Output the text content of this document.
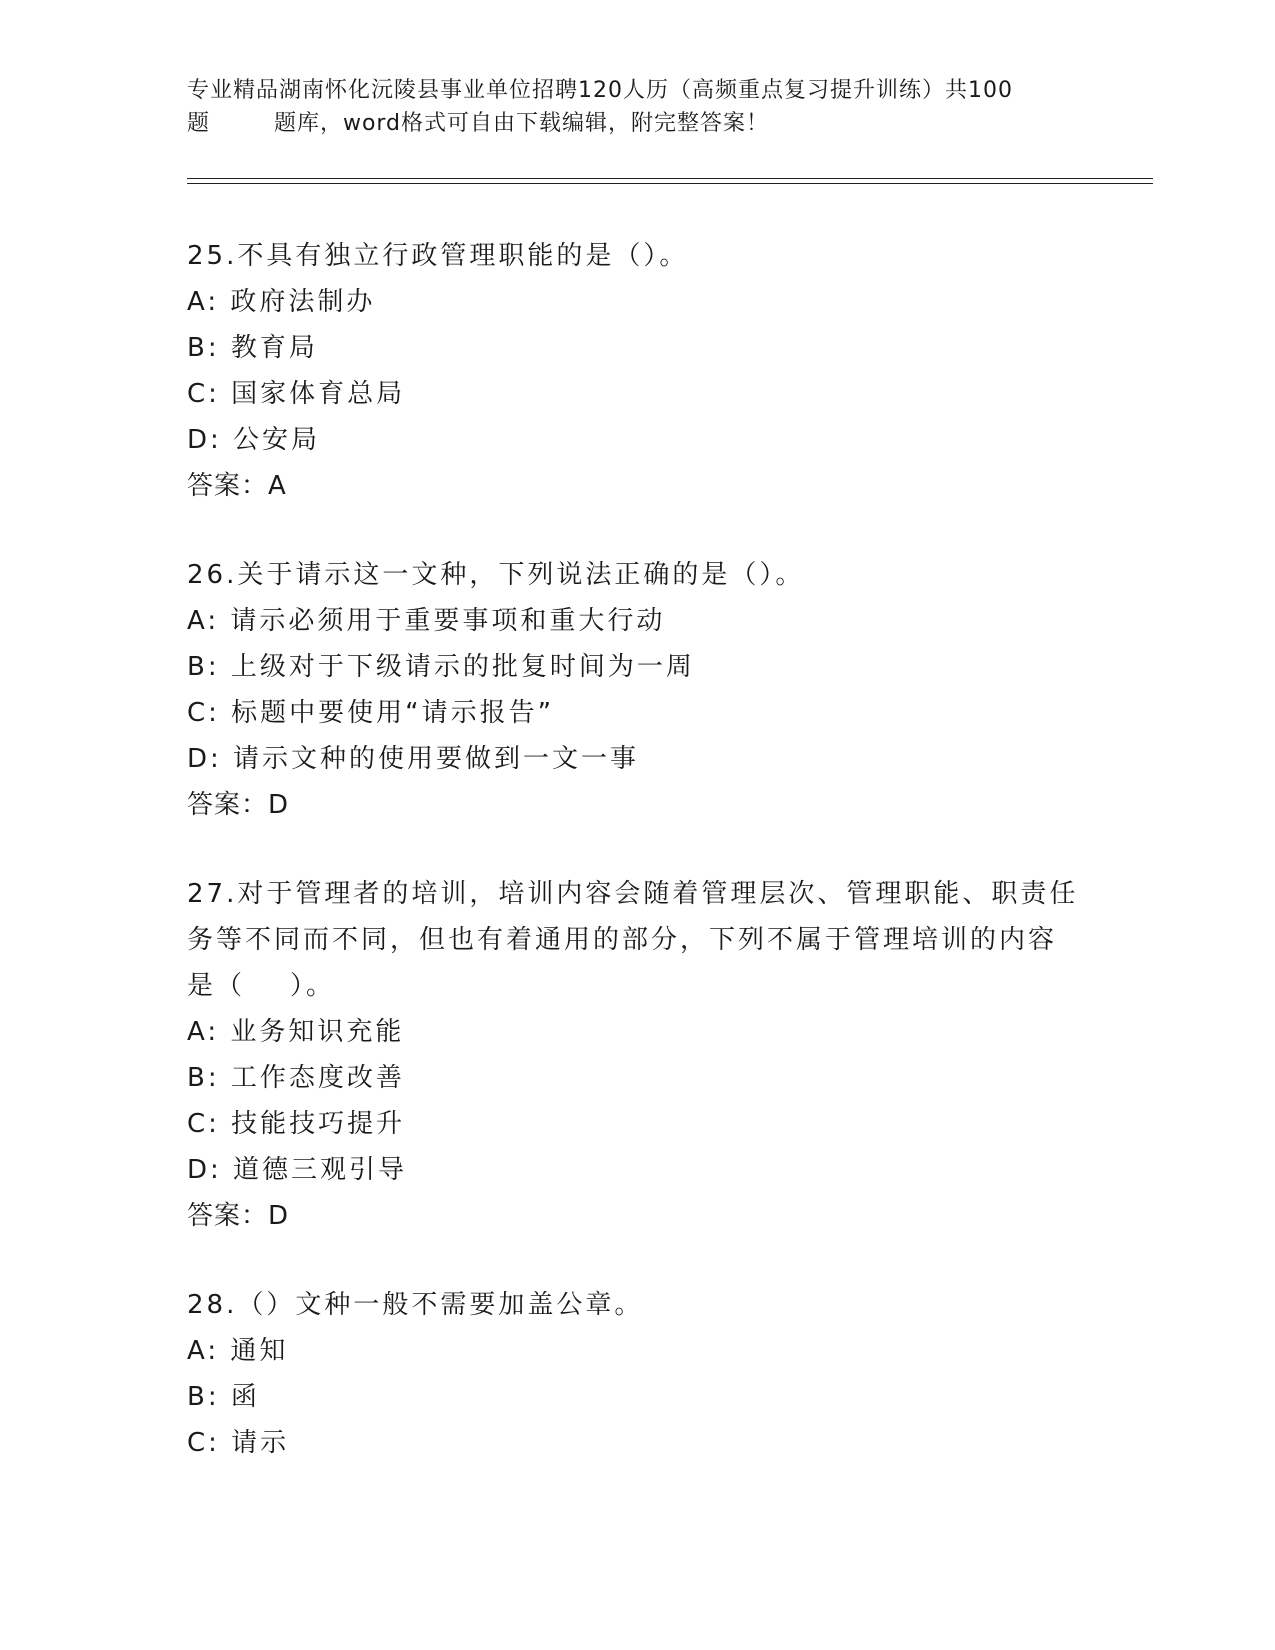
专业精品湖南怀化沅陵县事业单位招聘120人历（高频重点复习提升训练）共100
题        题库，word格式可自由下载编辑，附完整答案！
25.不具有独立行政管理职能的是（）。
A: 政府法制办
B: 教育局
C: 国家体育总局
D: 公安局
答案：A
26.关于请示这一文种，下列说法正确的是（）。
A: 请示必须用于重要事项和重大行动
B: 上级对于下级请示的批复时间为一周
C: 标题中要使用“请示报告”
D: 请示文种的使用要做到一文一事
答案：D
27.对于管理者的培训，培训内容会随着管理层次、管理职能、职责任
务等不同而不同，但也有着通用的部分，下列不属于管理培训的内容
是（    ）。
A: 业务知识充能
B: 工作态度改善
C: 技能技巧提升
D: 道德三观引导
答案：D
28.（）文种一般不需要加盖公章。
A: 通知
B: 函
C: 请示
